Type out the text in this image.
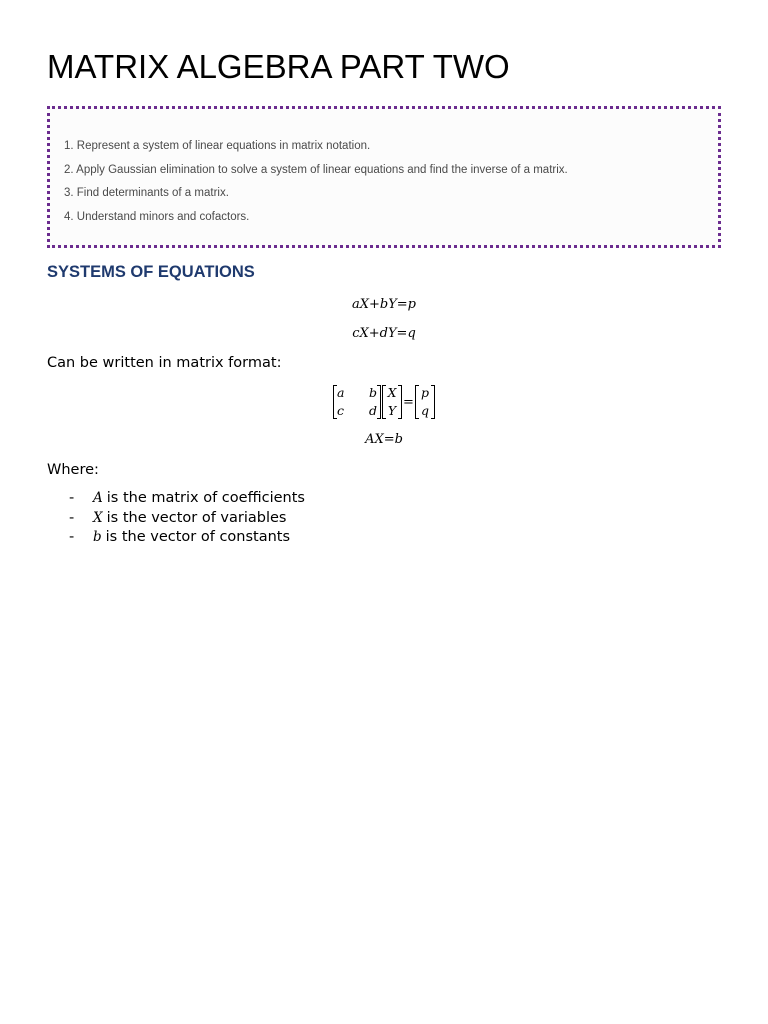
MATRIX ALGEBRA PART TWO
1. Represent a system of linear equations in matrix notation.
2. Apply Gaussian elimination to solve a system of linear equations and find the inverse of a matrix.
3. Find determinants of a matrix.
4. Understand minors and cofactors.
SYSTEMS OF EQUATIONS
aX+bY=p
cX+dY=q
Can be written in matrix format:
a	b
c	d
X
Y
=
p
q
AX=b
Where:
- A is the matrix of coefficients
- X is the vector of variables
- b is the vector of constants
